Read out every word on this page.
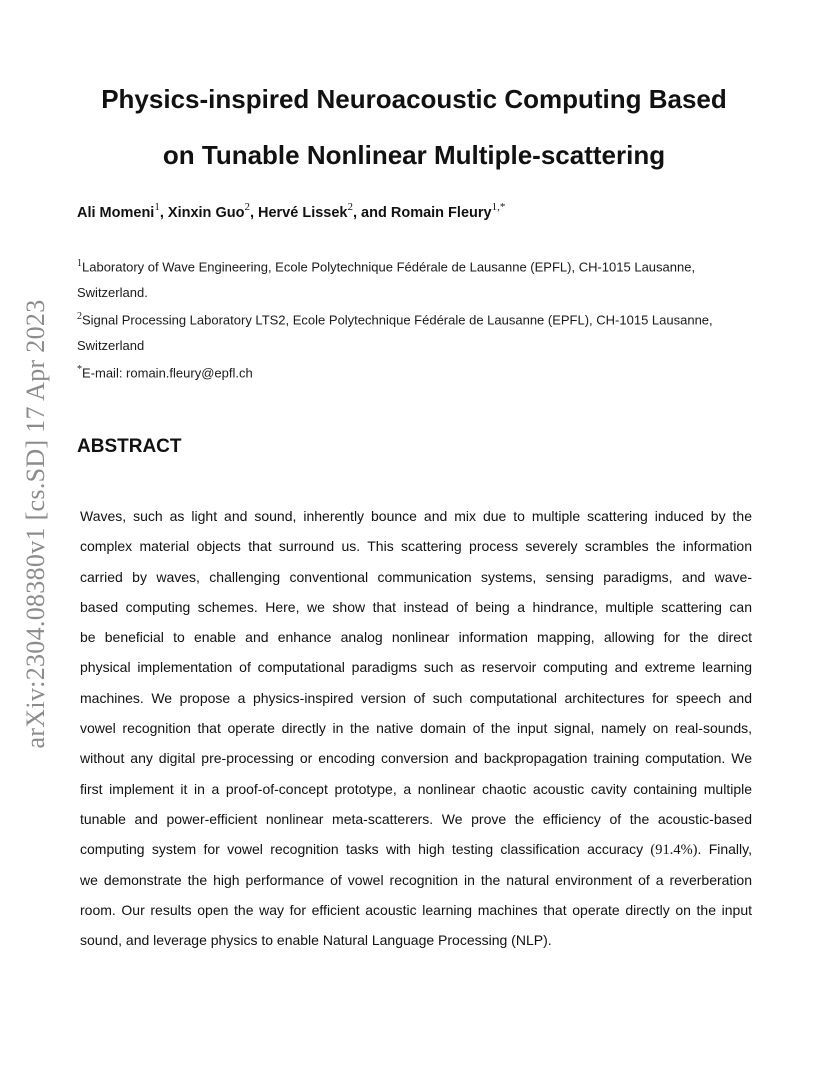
arXiv:2304.08380v1 [cs.SD] 17 Apr 2023
Physics-inspired Neuroacoustic Computing Based
on Tunable Nonlinear Multiple-scattering
Ali Momeni$^1$, Xinxin Guo$^2$, Hervé Lissek$^2$, and Romain Fleury$^{1,*}$
$^1$Laboratory of Wave Engineering, Ecole Polytechnique Fédérale de Lausanne (EPFL), CH-1015 Lausanne,
Switzerland.
$^2$Signal Processing Laboratory LTS2, Ecole Polytechnique Fédérale de Lausanne (EPFL), CH-1015 Lausanne,
Switzerland
*E-mail: romain.fleury@epfl.ch
ABSTRACT
Waves, such as light and sound, inherently bounce and mix due to multiple scattering induced by the
complex material objects that surround us. This scattering process severely scrambles the information
carried by waves, challenging conventional communication systems, sensing paradigms, and wave-
based computing schemes. Here, we show that instead of being a hindrance, multiple scattering can
be beneficial to enable and enhance analog nonlinear information mapping, allowing for the direct
physical implementation of computational paradigms such as reservoir computing and extreme learning
machines. We propose a physics-inspired version of such computational architectures for speech and
vowel recognition that operate directly in the native domain of the input signal, namely on real-sounds,
without any digital pre-processing or encoding conversion and backpropagation training computation. We
first implement it in a proof-of-concept prototype, a nonlinear chaotic acoustic cavity containing multiple
tunable and power-efficient nonlinear meta-scatterers. We prove the efficiency of the acoustic-based
computing system for vowel recognition tasks with high testing classification accuracy (91.4%). Finally,
we demonstrate the high performance of vowel recognition in the natural environment of a reverberation
room. Our results open the way for efficient acoustic learning machines that operate directly on the input
sound, and leverage physics to enable Natural Language Processing (NLP).
